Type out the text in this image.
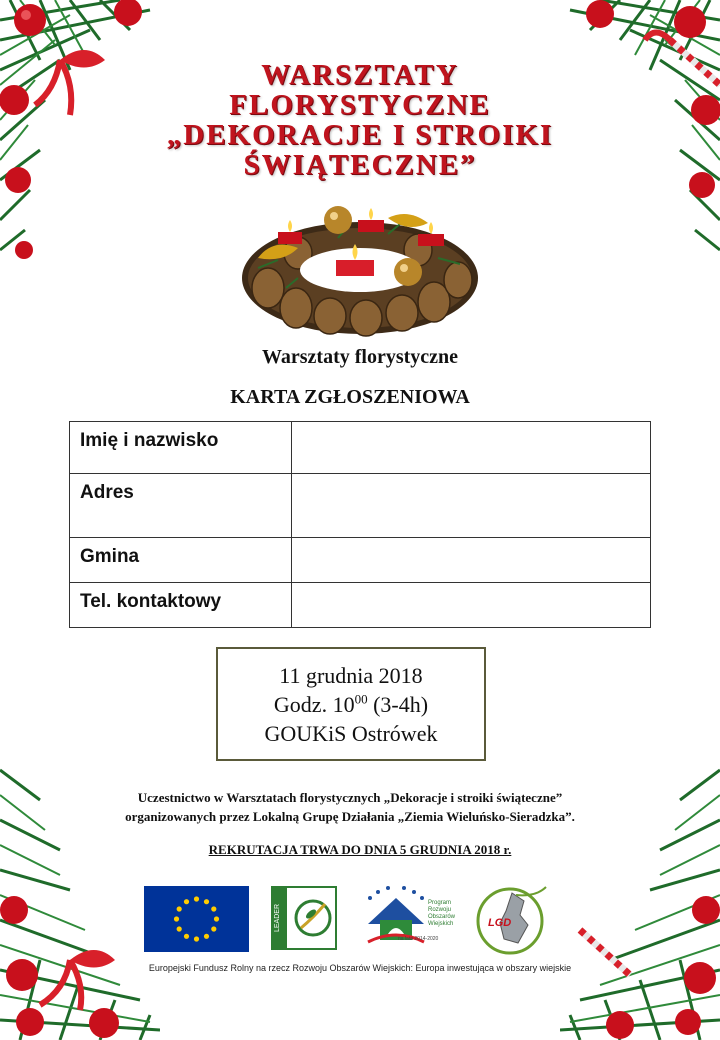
WARSZTATY
FLORYSTYCZNE
„DEKORACJE I STROIKI
ŚWIĄTECZNE”
Warsztaty florystyczne
KARTA ZGŁOSZENIOWA
Imię i nazwisko	
Adres	
Gmina	
Tel. kontaktowy	
11 grudnia 2018
Godz. $10^{00}$ (3-4h)
GOUKiS Ostrówek
Uczestnictwo w Warsztatach florystycznych „Dekoracje i stroiki świąteczne”
organizowanych przez Lokalną Grupę Działania „Ziemia Wieluńsko-Sieradzka”.
REKRUTACJA TRWA DO DNIA 5 GRUDNIA 2018 r.
LEADER
Program Rozwoju Obszarów Wiejskich
na lata 2014-2020
LGD
Europejski Fundusz Rolny na rzecz Rozwoju Obszarów Wiejskich: Europa inwestująca w obszary wiejskie
